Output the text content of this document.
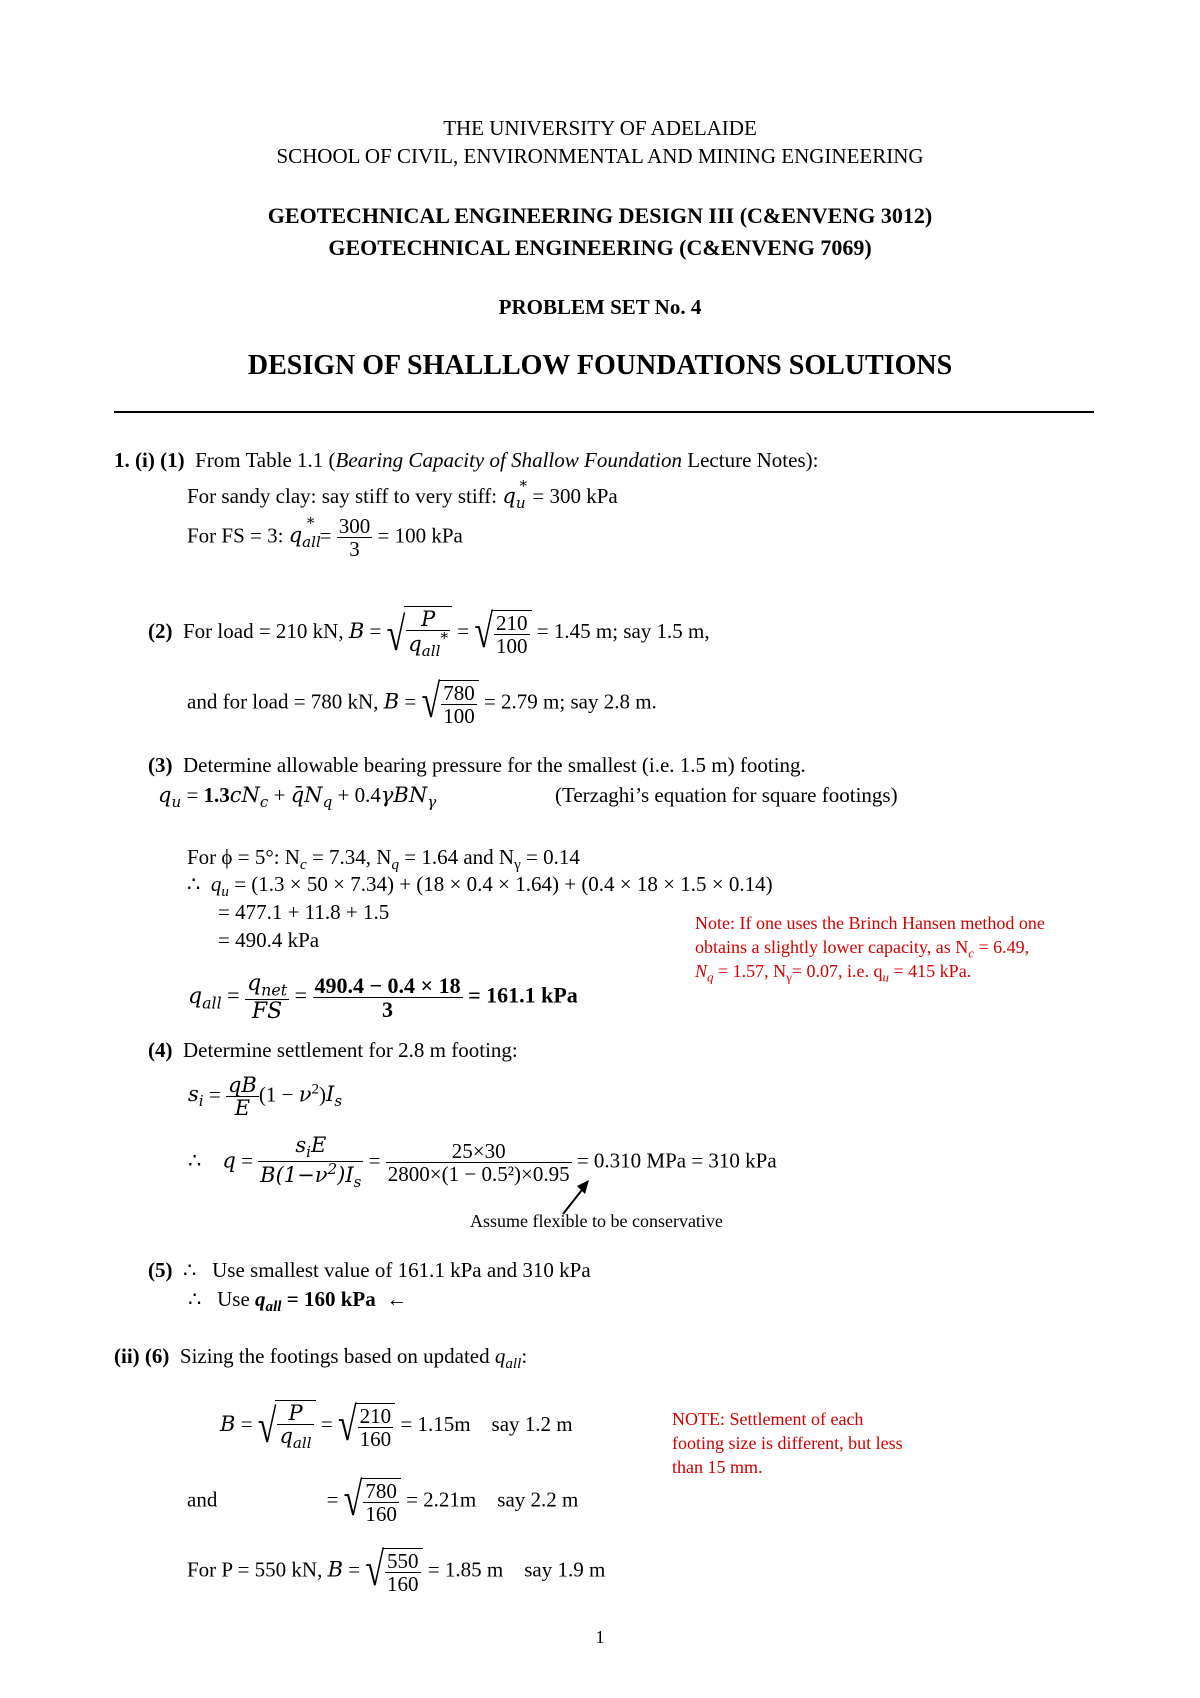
THE UNIVERSITY OF ADELAIDE
SCHOOL OF CIVIL, ENVIRONMENTAL AND MINING ENGINEERING
GEOTECHNICAL ENGINEERING DESIGN III (C&ENVENG 3012)
GEOTECHNICAL ENGINEERING (C&ENVENG 7069)
PROBLEM SET No. 4
DESIGN OF SHALLLOW FOUNDATIONS SOLUTIONS
1. (i) (1) From Table 1.1 (Bearing Capacity of Shallow Foundation Lecture Notes):
For sandy clay: say stiff to very stiff: $q_u^* = 300$ kPa
For FS = 3: $q_{all}^* = \frac{300}{3} = 100$ kPa
(2) For load = 210 kN, B = √ $\frac{P}{q_{all}^*}$ = √ $\frac{210}{100} = 1.45$ m; say 1.5 m,
and for load = 780 kN, B = √ $\frac{780}{100} = 2.79$ m; say 2.8 m.
(3) Determine allowable bearing pressure for the smallest (i.e. 1.5 m) footing.
$q_u = 1.3cN_c$ + $q̄N_q + 0.4\gamma BN_\gamma$	(Terzaghi’s equation for square footings)
For ϕ = 5°: $N_c = 7.34$, $N_q = 1.64$ and $N_\gamma = 0.14$
∴  $q_u = (1.3 \times 50 \times 7.34) + (18 \times 0.4 \times 1.64) + (0.4 \times 18 \times 1.5 \times 0.14)$
= 477.1 + 11.8 + 1.5
= 490.4 kPa
$q_{all} = \frac{q_{net}}{FS} = \frac{490.4 - 0.4 \times 18}{3} = 161.1$ kPa
Note: If one uses the Brinch Hansen method one
obtains a slightly lower capacity, as $N_c = 6.49$,
$N_q = 1.57$, $N_\gamma= 0.07$, i.e. $q_u = 415$ kPa.
(4) Determine settlement for 2.8 m footing:
$s_i = \frac{qB}{E} (1 - \nu^2)I_s$
∴    $q = \frac{s_iE}{B(1-\nu^2)I_s} = \frac{25\times 30}{\text{2800×(1 − 0.5²)×0.95}} = 0.310$ MPa = 310 kPa
Assume flexible to be conservative
(5)  ∴   Use smallest value of 161.1 kPa and 310 kPa
∴   Use $q_{all} = 160$ kPa ←
(ii) (6) Sizing the footings based on updated $q_{all}$:
B = √ $\frac{P}{q_{all}}$ = √ $\frac{210}{160} = 1.15m$ say 1.2 m
and	= √ $\frac{780}{160} = 2.21m$ say 2.2 m
For P = 550 kN, B = √ $\frac{550}{160} = 1.85$ m say 1.9 m
NOTE: Settlement of each
footing size is different, but less
than 15 mm.
1
